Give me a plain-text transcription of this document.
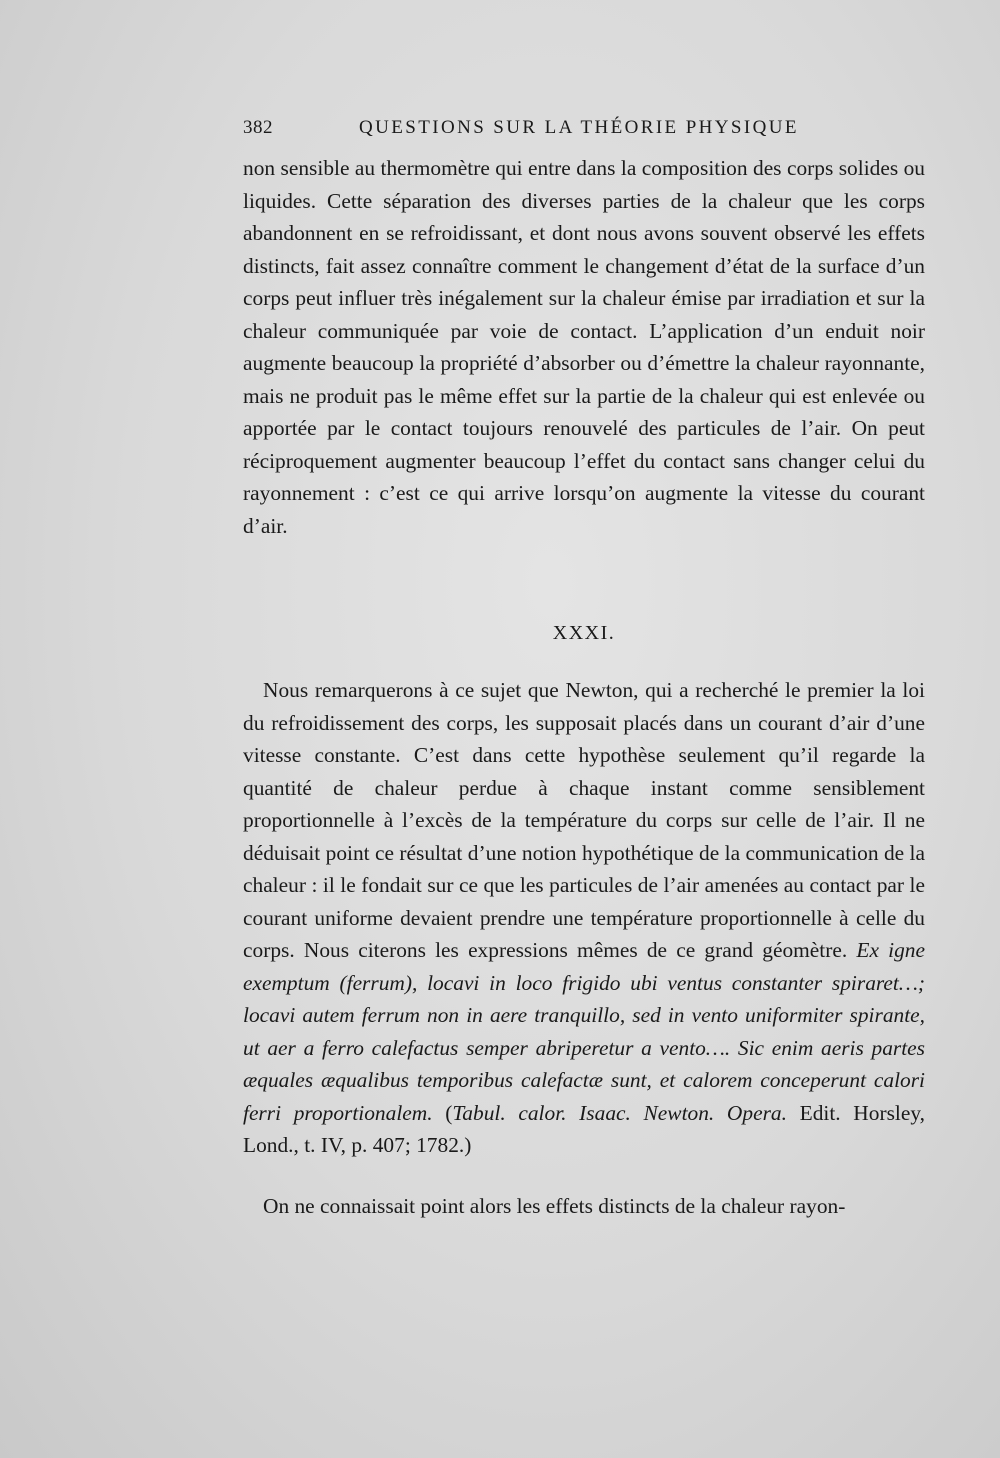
382	QUESTIONS SUR LA THÉORIE PHYSIQUE

non sensible au thermomètre qui entre dans la composition des corps solides ou liquides. Cette séparation des diverses parties de la chaleur que les corps abandonnent en se refroidissant, et dont nous avons souvent observé les effets distincts, fait assez connaître comment le changement d’état de la surface d’un corps peut influer très inégalement sur la chaleur émise par irradiation et sur la chaleur communiquée par voie de contact. L’application d’un enduit noir augmente beaucoup la propriété d’absorber ou d’émettre la chaleur rayonnante, mais ne produit pas le même effet sur la partie de la chaleur qui est enlevée ou apportée par le contact toujours renouvelé des particules de l’air. On peut réciproquement augmenter beaucoup l’effet du contact sans changer celui du rayonnement : c’est ce qui arrive lorsqu’on augmente la vitesse du courant d’air.

XXXI.

Nous remarquerons à ce sujet que Newton, qui a recherché le premier la loi du refroidissement des corps, les supposait placés dans un courant d’air d’une vitesse constante. C’est dans cette hypothèse seulement qu’il regarde la quantité de chaleur perdue à chaque instant comme sensiblement proportionnelle à l’excès de la température du corps sur celle de l’air. Il ne déduisait point ce résultat d’une notion hypothétique de la communication de la chaleur : il le fondait sur ce que les particules de l’air amenées au contact par le courant uniforme devaient prendre une température proportionnelle à celle du corps. Nous citerons les expressions mêmes de ce grand géomètre. Ex igne exemptum (ferrum), locavi in loco frigido ubi ventus constanter spiraret…; locavi autem ferrum non in aere tranquillo, sed in vento uniformiter spirante, ut aer a ferro calefactus semper abriperetur a vento…. Sic enim aeris partes æquales æqualibus temporibus calefactæ sunt, et calorem conceperunt calori ferri proportionalem. (Tabul. calor. Isaac. Newton. Opera. Edit. Horsley, Lond., t. IV, p. 407; 1782.)

On ne connaissait point alors les effets distincts de la chaleur rayon-
